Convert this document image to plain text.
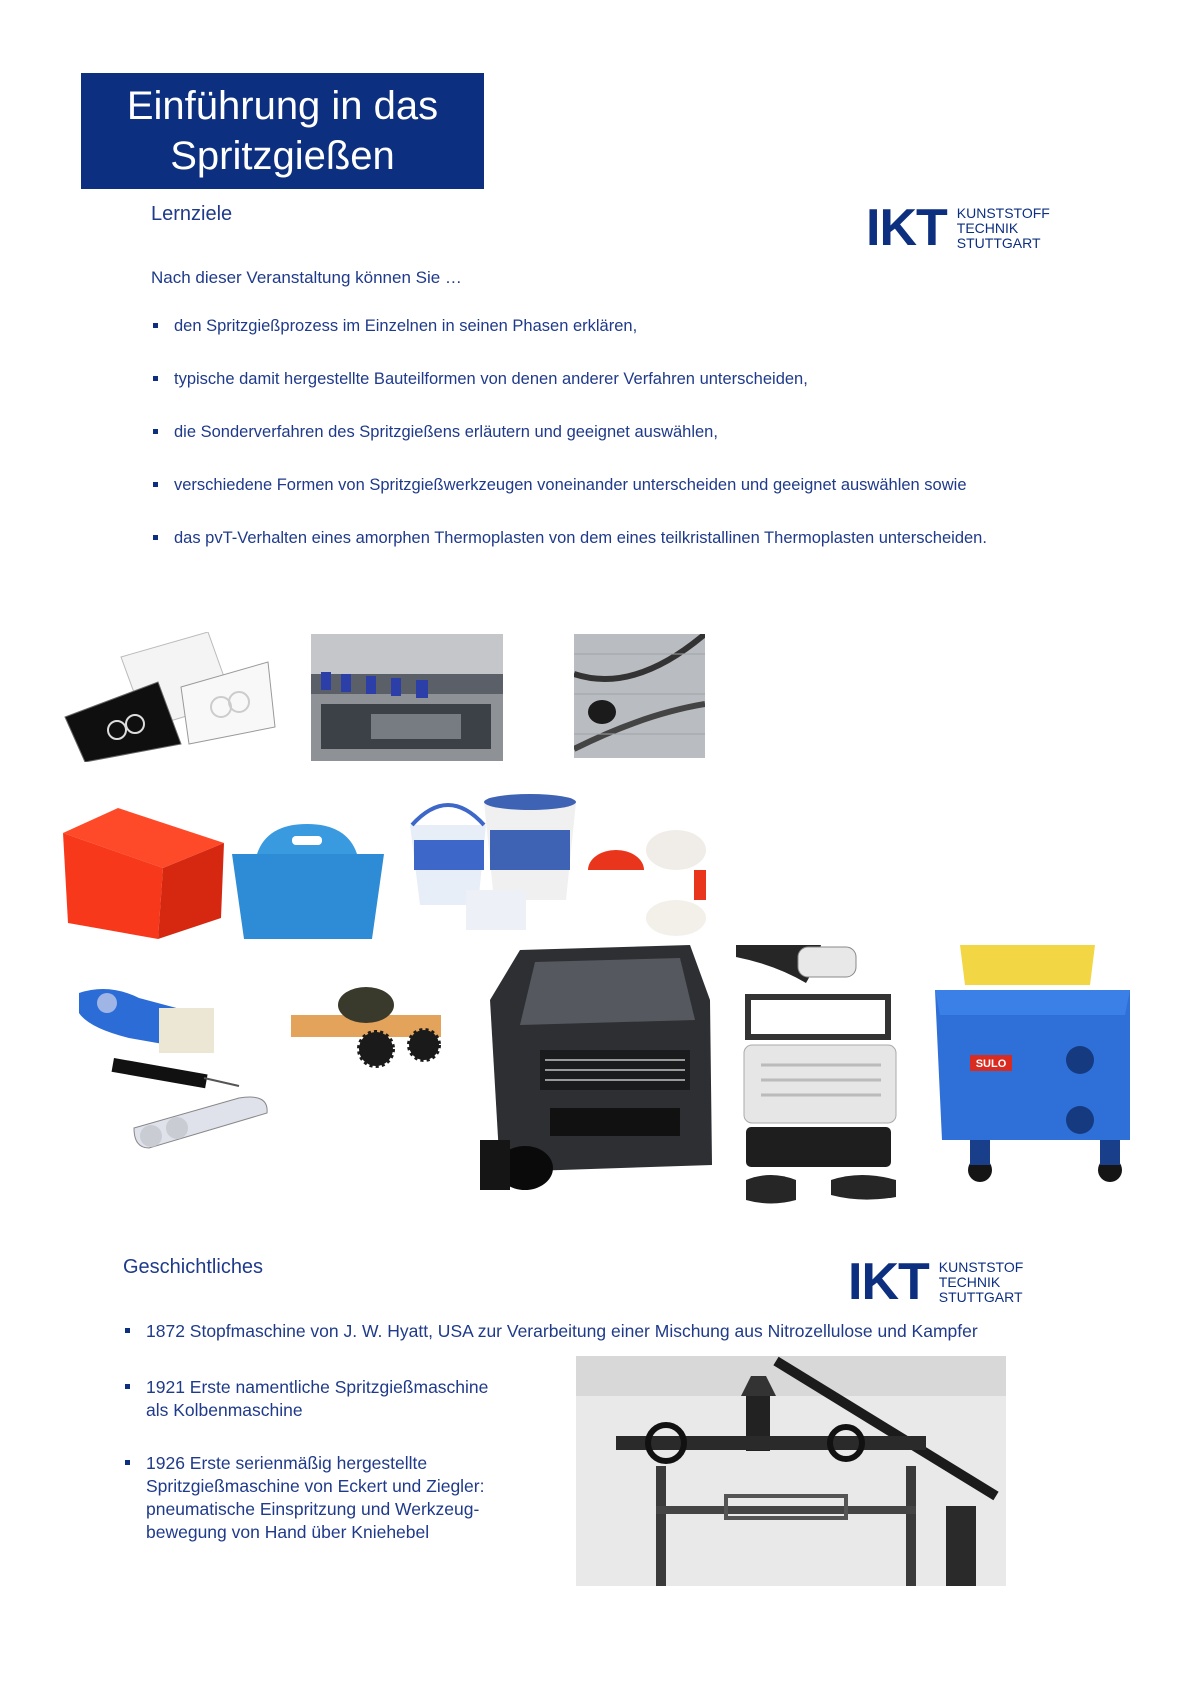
Einführung in das
Spritzgießen
Lernziele	IKT KUNSTSTOFF
TECHNIK
STUTTGART
Nach dieser Veranstaltung können Sie …
den Spritzgießprozess im Einzelnen in seinen Phasen erklären,
typische damit hergestellte Bauteilformen von denen anderer Verfahren unterscheiden,
die Sonderverfahren des Spritzgießens erläutern und geeignet auswählen,
verschiedene Formen von Spritzgießwerkzeugen voneinander unterscheiden und geeignet auswählen sowie
das pvT-Verhalten eines amorphen Thermoplasten von dem eines teilkristallinen Thermoplasten unterscheiden.
SULO
Geschichtliches	IKT KUNSTSTOF
TECHNIK
STUTTGART
1872 Stopfmaschine von J. W. Hyatt, USA zur Verarbeitung einer Mischung aus Nitrozellulose und Kampfer
1921 Erste namentliche Spritzgießmaschine
als Kolbenmaschine
1926 Erste serienmäßig hergestellte
Spritzgießmaschine von Eckert und Ziegler:
pneumatische Einspritzung und Werkzeug-
bewegung von Hand über Kniehebel
